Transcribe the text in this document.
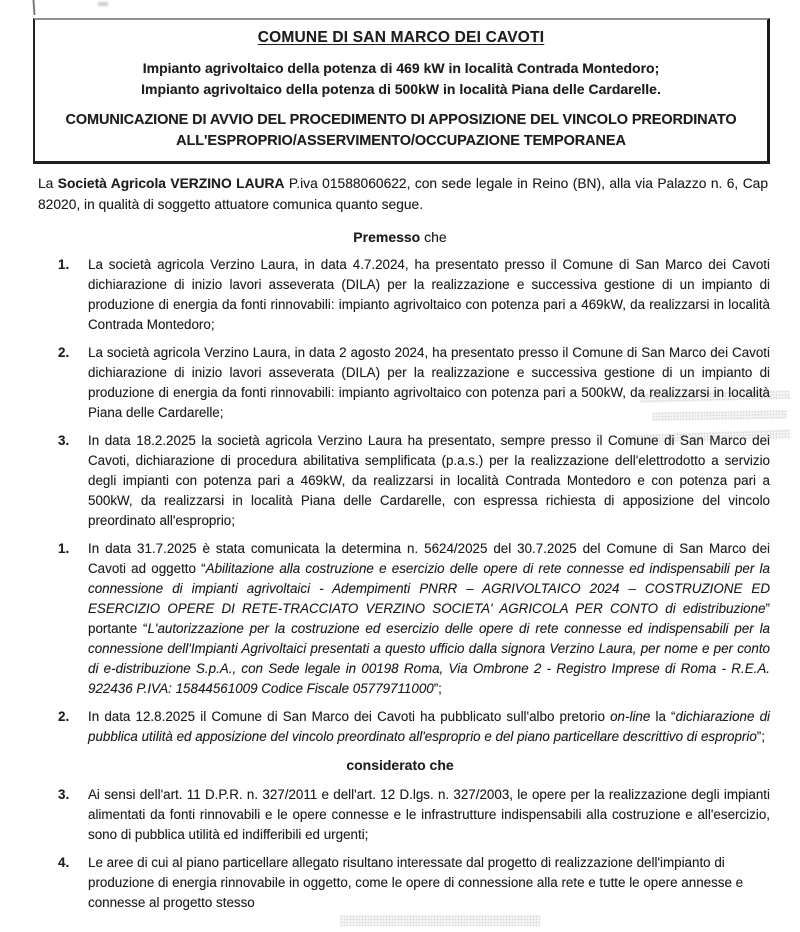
COMUNE DI SAN MARCO DEI CAVOTI
Impianto agrivoltaico della potenza di 469 kW in località Contrada Montedoro;
Impianto agrivoltaico della potenza di 500kW in località Piana delle Cardarelle.
COMUNICAZIONE DI AVVIO DEL PROCEDIMENTO DI APPOSIZIONE DEL VINCOLO PREORDINATO
ALL'ESPROPRIO/ASSERVIMENTO/OCCUPAZIONE TEMPORANEA

La Società Agricola VERZINO LAURA P.iva 01588060622, con sede legale in Reino (BN), alla via Palazzo n. 6, Cap 82020, in qualità di soggetto attuatore comunica quanto segue.

Premesso che
1.	La società agricola Verzino Laura, in data 4.7.2024, ha presentato presso il Comune di San Marco dei Cavoti dichiarazione di inizio lavori asseverata (DILA) per la realizzazione e successiva gestione di un impianto di produzione di energia da fonti rinnovabili: impianto agrivoltaico con potenza pari a 469kW, da realizzarsi in località Contrada Montedoro;
2.	La società agricola Verzino Laura, in data 2 agosto 2024, ha presentato presso il Comune di San Marco dei Cavoti dichiarazione di inizio lavori asseverata (DILA) per la realizzazione e successiva gestione di un impianto di produzione di energia da fonti rinnovabili: impianto agrivoltaico con potenza pari a 500kW, da realizzarsi in località Piana delle Cardarelle;
3.	In data 18.2.2025 la società agricola Verzino Laura ha presentato, sempre presso il Comune di San Marco dei Cavoti, dichiarazione di procedura abilitativa semplificata (p.a.s.) per la realizzazione dell'elettrodotto a servizio degli impianti con potenza pari a 469kW, da realizzarsi in località Contrada Montedoro e con potenza pari a 500kW, da realizzarsi in località Piana delle Cardarelle, con espressa richiesta di apposizione del vincolo preordinato all'esproprio;
1.	In data 31.7.2025 è stata comunicata la determina n. 5624/2025 del 30.7.2025 del Comune di San Marco dei Cavoti ad oggetto “Abilitazione alla costruzione e esercizio delle opere di rete connesse ed indispensabili per la connessione di impianti agrivoltaici - Adempimenti PNRR – AGRIVOLTAICO 2024 – COSTRUZIONE ED ESERCIZIO OPERE DI RETE-TRACCIATO VERZINO SOCIETA' AGRICOLA PER CONTO di edistribuzione” portante “L'autorizzazione per la costruzione ed esercizio delle opere di rete connesse ed indispensabili per la connessione dell'Impianti Agrivoltaici presentati a questo ufficio dalla signora Verzino Laura, per nome e per conto di e-distribuzione S.p.A., con Sede legale in 00198 Roma, Via Ombrone 2 - Registro Imprese di Roma - R.E.A. 922436 P.IVA: 15844561009 Codice Fiscale 05779711000”;
2.	In data 12.8.2025 il Comune di San Marco dei Cavoti ha pubblicato sull'albo pretorio on-line la “dichiarazione di pubblica utilità ed apposizione del vincolo preordinato all'esproprio e del piano particellare descrittivo di esproprio”;
considerato che
3.	Ai sensi dell'art. 11 D.P.R. n. 327/2011 e dell'art. 12 D.lgs. n. 327/2003, le opere per la realizzazione degli impianti alimentati da fonti rinnovabili e le opere connesse e le infrastrutture indispensabili alla costruzione e all'esercizio, sono di pubblica utilità ed indifferibili ed urgenti;
4.	Le aree di cui al piano particellare allegato risultano interessate dal progetto di realizzazione dell'impianto di produzione di energia rinnovabile in oggetto, come le opere di connessione alla rete e tutte le opere annesse e connesse al progetto stesso
